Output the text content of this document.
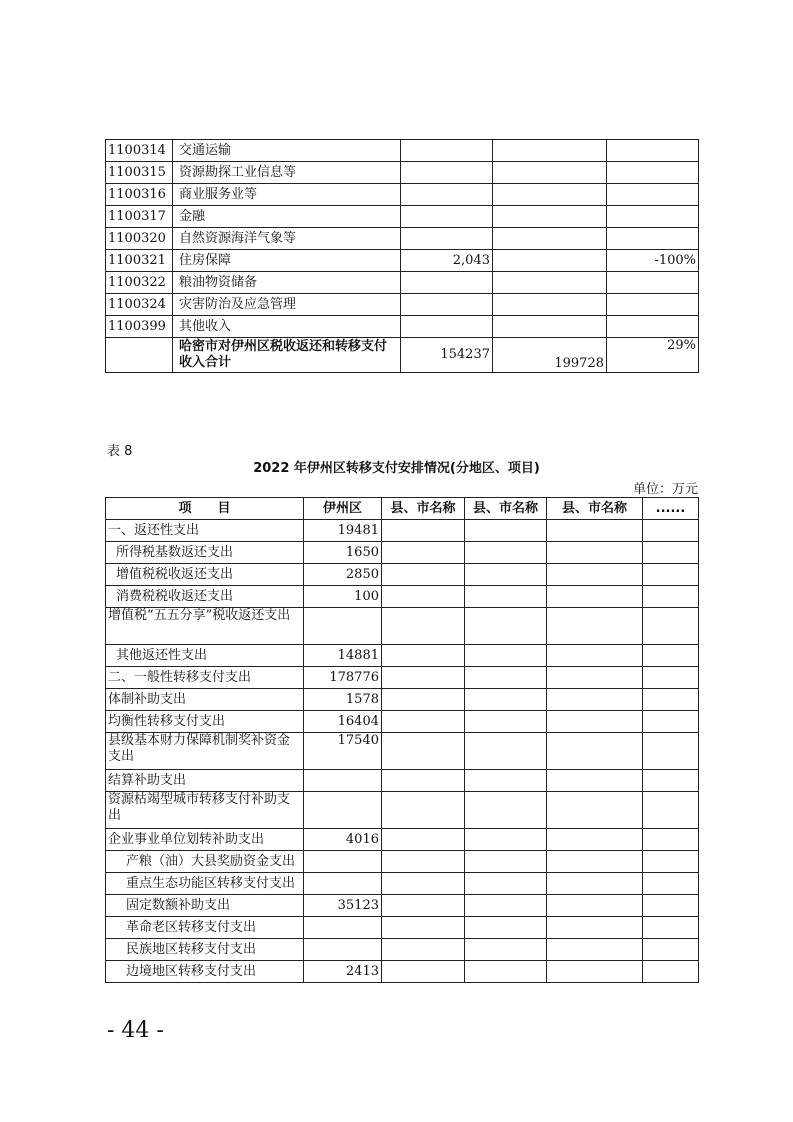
1100314	交通运输			
1100315	资源勘探工业信息等			
1100316	商业服务业等			
1100317	金融			
1100320	自然资源海洋气象等			
1100321	住房保障	2,043		-100%
1100322	粮油物资储备			
1100324	灾害防治及应急管理			
1100399	其他收入			
	哈密市对伊州区税收返还和转移支付收入合计	154237	199728	29%
表 8
2022 年伊州区转移支付安排情况(分地区、项目)
单位：万元
项　　目	伊州区	县、市名称	县、市名称	县、市名称	......
一、返还性支出	19481				
所得税基数返还支出	1650				
增值税税收返还支出	2850				
消费税税收返还支出	100				
增值税“五五分享”税收返还支出					
其他返还性支出	14881				
二、一般性转移支付支出	178776				
体制补助支出	1578				
均衡性转移支付支出	16404				
县级基本财力保障机制奖补资金支出	17540				
结算补助支出					
资源枯竭型城市转移支付补助支出					
企业事业单位划转补助支出	4016				
产粮（油）大县奖励资金支出					
重点生态功能区转移支付支出					
固定数额补助支出	35123				
革命老区转移支付支出					
民族地区转移支付支出					
边境地区转移支付支出	2413				
- 44 -
